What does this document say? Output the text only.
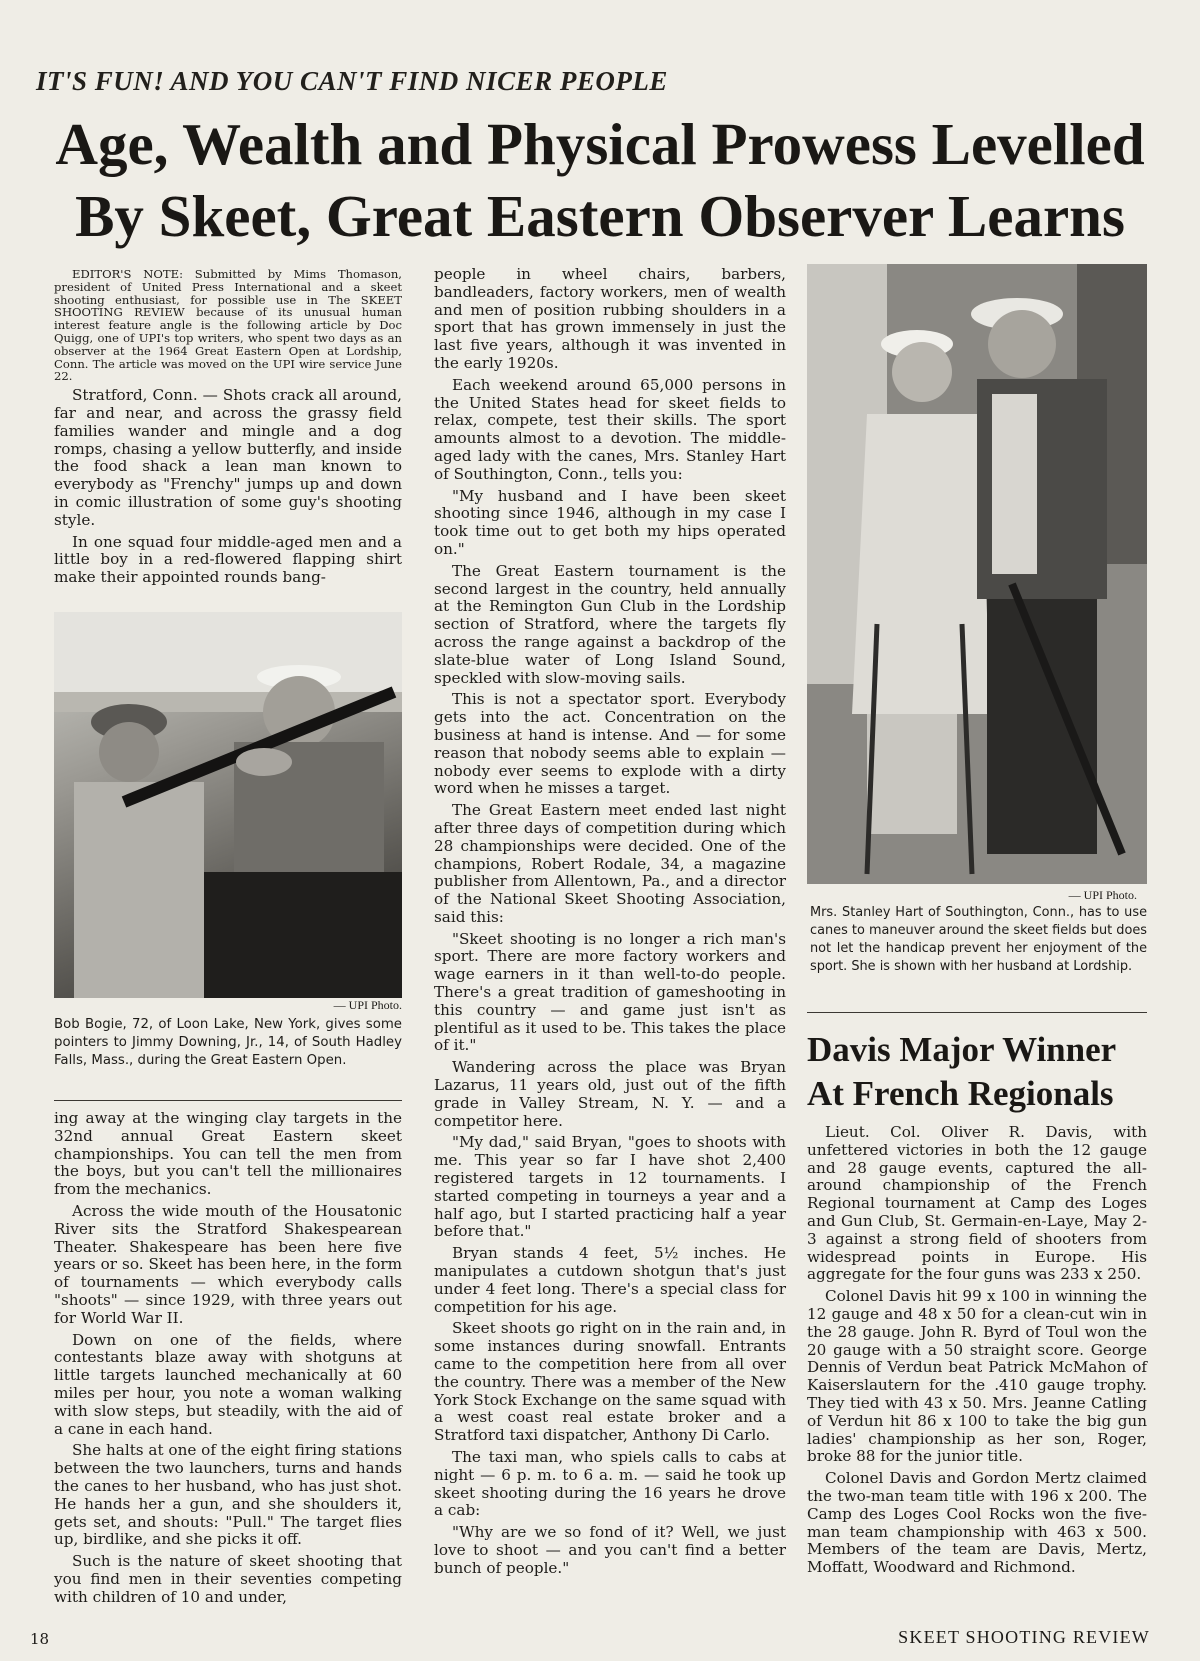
IT'S FUN! AND YOU CAN'T FIND NICER PEOPLE
Age, Wealth and Physical Prowess Levelled
By Skeet, Great Eastern Observer Learns

EDITOR'S NOTE: Submitted by Mims Thomason, president of United Press International and a skeet shooting enthusiast, for possible use in The SKEET SHOOTING REVIEW because of its unusual human interest feature angle is the following article by Doc Quigg, one of UPI's top writers, who spent two days as an observer at the 1964 Great Eastern Open at Lordship, Conn. The article was moved on the UPI wire service June 22.

Stratford, Conn. — Shots crack all around, far and near, and across the grassy field families wander and mingle and a dog romps, chasing a yellow butterfly, and inside the food shack a lean man known to everybody as "Frenchy" jumps up and down in comic illustration of some guy's shooting style.

In one squad four middle-aged men and a little boy in a red-flowered flapping shirt make their appointed rounds bang-

— UPI Photo.
Bob Bogie, 72, of Loon Lake, New York, gives some pointers to Jimmy Downing, Jr., 14, of South Hadley Falls, Mass., during the Great Eastern Open.

ing away at the winging clay targets in the 32nd annual Great Eastern skeet championships. You can tell the men from the boys, but you can't tell the millionaires from the mechanics.

Across the wide mouth of the Housatonic River sits the Stratford Shakespearean Theater. Shakespeare has been here five years or so. Skeet has been here, in the form of tournaments — which everybody calls "shoots" — since 1929, with three years out for World War II.

Down on one of the fields, where contestants blaze away with shotguns at little targets launched mechanically at 60 miles per hour, you note a woman walking with slow steps, but steadily, with the aid of a cane in each hand.

She halts at one of the eight firing stations between the two launchers, turns and hands the canes to her husband, who has just shot. He hands her a gun, and she shoulders it, gets set, and shouts: "Pull." The target flies up, birdlike, and she picks it off.

Such is the nature of skeet shooting that you find men in their seventies competing with children of 10 and under,

people in wheel chairs, barbers, bandleaders, factory workers, men of wealth and men of position rubbing shoulders in a sport that has grown immensely in just the last five years, although it was invented in the early 1920s.

Each weekend around 65,000 persons in the United States head for skeet fields to relax, compete, test their skills. The sport amounts almost to a devotion. The middle-aged lady with the canes, Mrs. Stanley Hart of Southington, Conn., tells you:

"My husband and I have been skeet shooting since 1946, although in my case I took time out to get both my hips operated on."

The Great Eastern tournament is the second largest in the country, held annually at the Remington Gun Club in the Lordship section of Stratford, where the targets fly across the range against a backdrop of the slate-blue water of Long Island Sound, speckled with slow-moving sails.

This is not a spectator sport. Everybody gets into the act. Concentration on the business at hand is intense. And — for some reason that nobody seems able to explain — nobody ever seems to explode with a dirty word when he misses a target.

The Great Eastern meet ended last night after three days of competition during which 28 championships were decided. One of the champions, Robert Rodale, 34, a magazine publisher from Allentown, Pa., and a director of the National Skeet Shooting Association, said this:

"Skeet shooting is no longer a rich man's sport. There are more factory workers and wage earners in it than well-to-do people. There's a great tradition of gameshooting in this country — and game just isn't as plentiful as it used to be. This takes the place of it."

Wandering across the place was Bryan Lazarus, 11 years old, just out of the fifth grade in Valley Stream, N. Y. — and a competitor here.

"My dad," said Bryan, "goes to shoots with me. This year so far I have shot 2,400 registered targets in 12 tournaments. I started competing in tourneys a year and a half ago, but I started practicing half a year before that."

Bryan stands 4 feet, 5½ inches. He manipulates a cutdown shotgun that's just under 4 feet long. There's a special class for competition for his age.

Skeet shoots go right on in the rain and, in some instances during snowfall. Entrants came to the competition here from all over the country. There was a member of the New York Stock Exchange on the same squad with a west coast real estate broker and a Stratford taxi dispatcher, Anthony Di Carlo.

The taxi man, who spiels calls to cabs at night — 6 p. m. to 6 a. m. — said he took up skeet shooting during the 16 years he drove a cab:

"Why are we so fond of it? Well, we just love to shoot — and you can't find a better bunch of people."

— UPI Photo.
Mrs. Stanley Hart of Southington, Conn., has to use canes to maneuver around the skeet fields but does not let the handicap prevent her enjoyment of the sport. She is shown with her husband at Lordship.
Davis Major Winner
At French Regionals

Lieut. Col. Oliver R. Davis, with unfettered victories in both the 12 gauge and 28 gauge events, captured the all-around championship of the French Regional tournament at Camp des Loges and Gun Club, St. Germain-en-Laye, May 2-3 against a strong field of shooters from widespread points in Europe. His aggregate for the four guns was 233 x 250.

Colonel Davis hit 99 x 100 in winning the 12 gauge and 48 x 50 for a clean-cut win in the 28 gauge. John R. Byrd of Toul won the 20 gauge with a 50 straight score. George Dennis of Verdun beat Patrick McMahon of Kaiserslautern for the .410 gauge trophy. They tied with 43 x 50. Mrs. Jeanne Catling of Verdun hit 86 x 100 to take the big gun ladies' championship as her son, Roger, broke 88 for the junior title.

Colonel Davis and Gordon Mertz claimed the two-man team title with 196 x 200. The Camp des Loges Cool Rocks won the five-man team championship with 463 x 500. Members of the team are Davis, Mertz, Moffatt, Woodward and Richmond.

18	SKEET SHOOTING REVIEW
